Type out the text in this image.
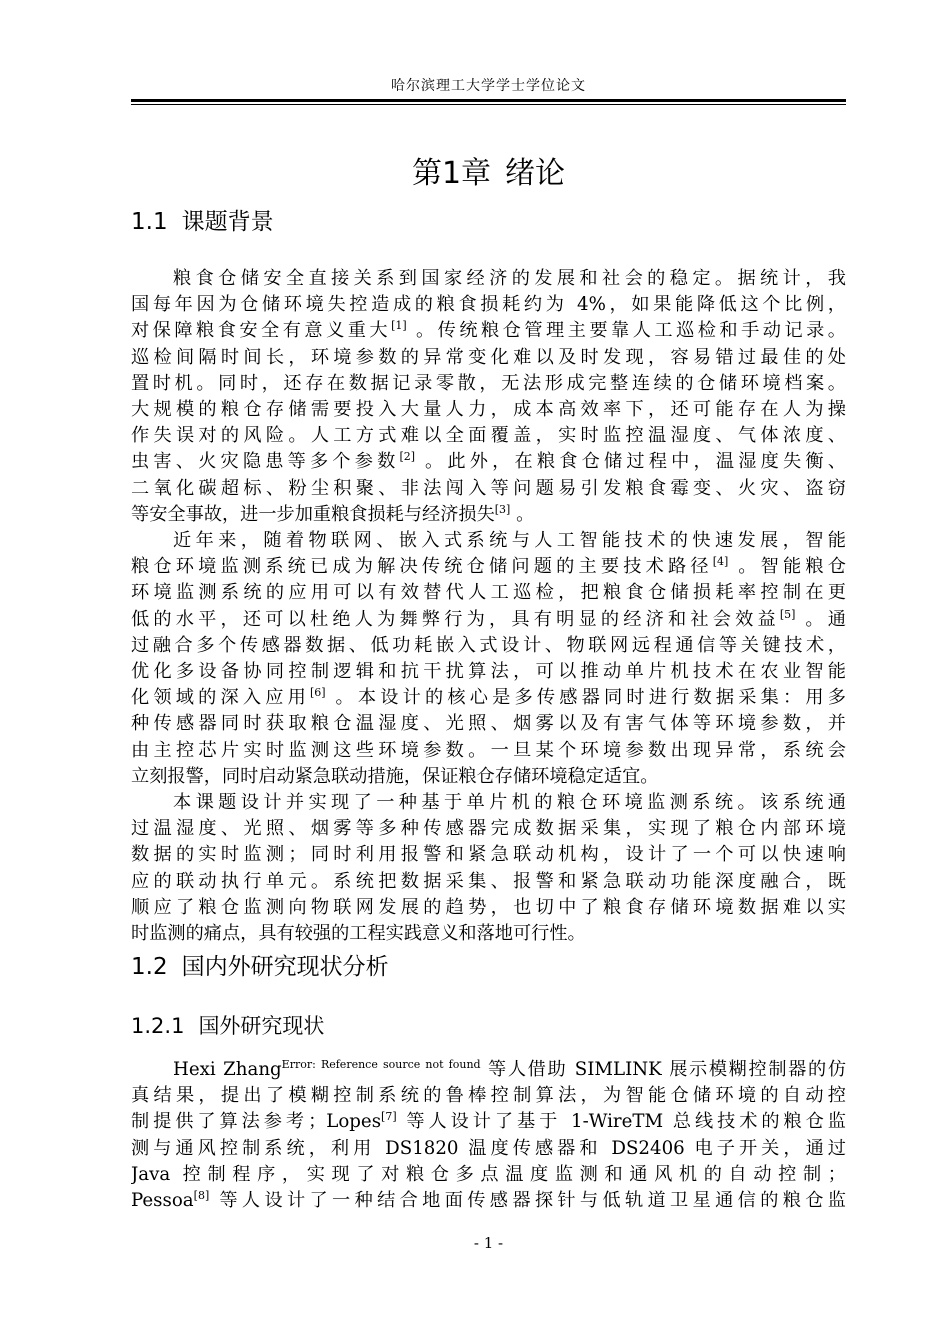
哈尔滨理工大学学士学位论文
第1章 绪论
1.1 课题背景
粮食仓储安全直接关系到国家经济的发展和社会的稳定。据统计，我
国每年因为仓储环境失控造成的粮食损耗约为 4%，如果能降低这个比例，
对保障粮食安全有意义重大[1] 。传统粮仓管理主要靠人工巡检和手动记录。
巡检间隔时间长，环境参数的异常变化难以及时发现，容易错过最佳的处
置时机。同时，还存在数据记录零散，无法形成完整连续的仓储环境档案。
大规模的粮仓存储需要投入大量人力，成本高效率下，还可能存在人为操
作失误对的风险。人工方式难以全面覆盖，实时监控温湿度、气体浓度、
虫害、火灾隐患等多个参数[2] 。此外，在粮食仓储过程中，温湿度失衡、
二氧化碳超标、粉尘积聚、非法闯入等问题易引发粮食霉变、火灾、盗窃
等安全事故，进一步加重粮食损耗与经济损失[3] 。
近年来，随着物联网、嵌入式系统与人工智能技术的快速发展，智能
粮仓环境监测系统已成为解决传统仓储问题的主要技术路径[4] 。智能粮仓
环境监测系统的应用可以有效替代人工巡检，把粮食仓储损耗率控制在更
低的水平，还可以杜绝人为舞弊行为，具有明显的经济和社会效益[5] 。通
过融合多个传感器数据、低功耗嵌入式设计、物联网远程通信等关键技术，
优化多设备协同控制逻辑和抗干扰算法，可以推动单片机技术在农业智能
化领域的深入应用[6] 。本设计的核心是多传感器同时进行数据采集：用多
种传感器同时获取粮仓温湿度、光照、烟雾以及有害气体等环境参数，并
由主控芯片实时监测这些环境参数。一旦某个环境参数出现异常，系统会
立刻报警，同时启动紧急联动措施，保证粮仓存储环境稳定适宜。
本课题设计并实现了一种基于单片机的粮仓环境监测系统。该系统通
过温湿度、光照、烟雾等多种传感器完成数据采集，实现了粮仓内部环境
数据的实时监测；同时利用报警和紧急联动机构，设计了一个可以快速响
应的联动执行单元。系统把数据采集、报警和紧急联动功能深度融合，既
顺应了粮仓监测向物联网发展的趋势，也切中了粮食存储环境数据难以实
时监测的痛点，具有较强的工程实践意义和落地可行性。
1.2 国内外研究现状分析
1.2.1 国外研究现状
Hexi Zhang$^{Error: Reference source not found}$ 等人借助 SIMLINK 展示模糊控制器的仿
真结果，提出了模糊控制系统的鲁棒控制算法，为智能仓储环境的自动控
制提供了算法参考；Lopes[7] 等人设计了基于 1-WireTM 总线技术的粮仓监
测与通风控制系统，利用 DS1820 温度传感器和 DS2406 电子开关，通过
Java 控制程序，实现了对粮仓多点温度监测和通风机的自动控制；
Pessoa[8] 等人设计了一种结合地面传感器探针与低轨道卫星通信的粮仓监
- 1 -
